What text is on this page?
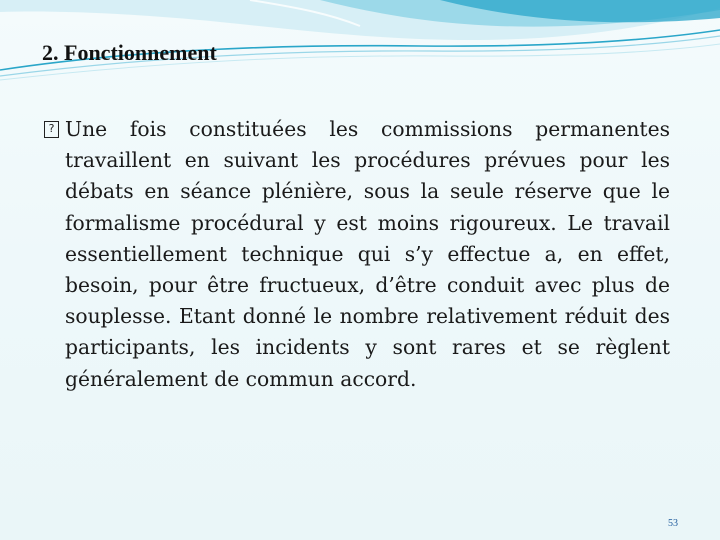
2. Fonctionnement
? Une fois constituées les commissions permanentes travaillent en suivant les procédures prévues pour les débats en séance plénière, sous la seule réserve que le formalisme procédural y est moins rigoureux. Le travail essentiellement technique qui s’y effectue a, en effet, besoin, pour être fructueux, d’être conduit avec plus de souplesse. Etant donné le nombre relativement réduit des participants, les incidents y sont rares et se règlent généralement de commun accord.
53
